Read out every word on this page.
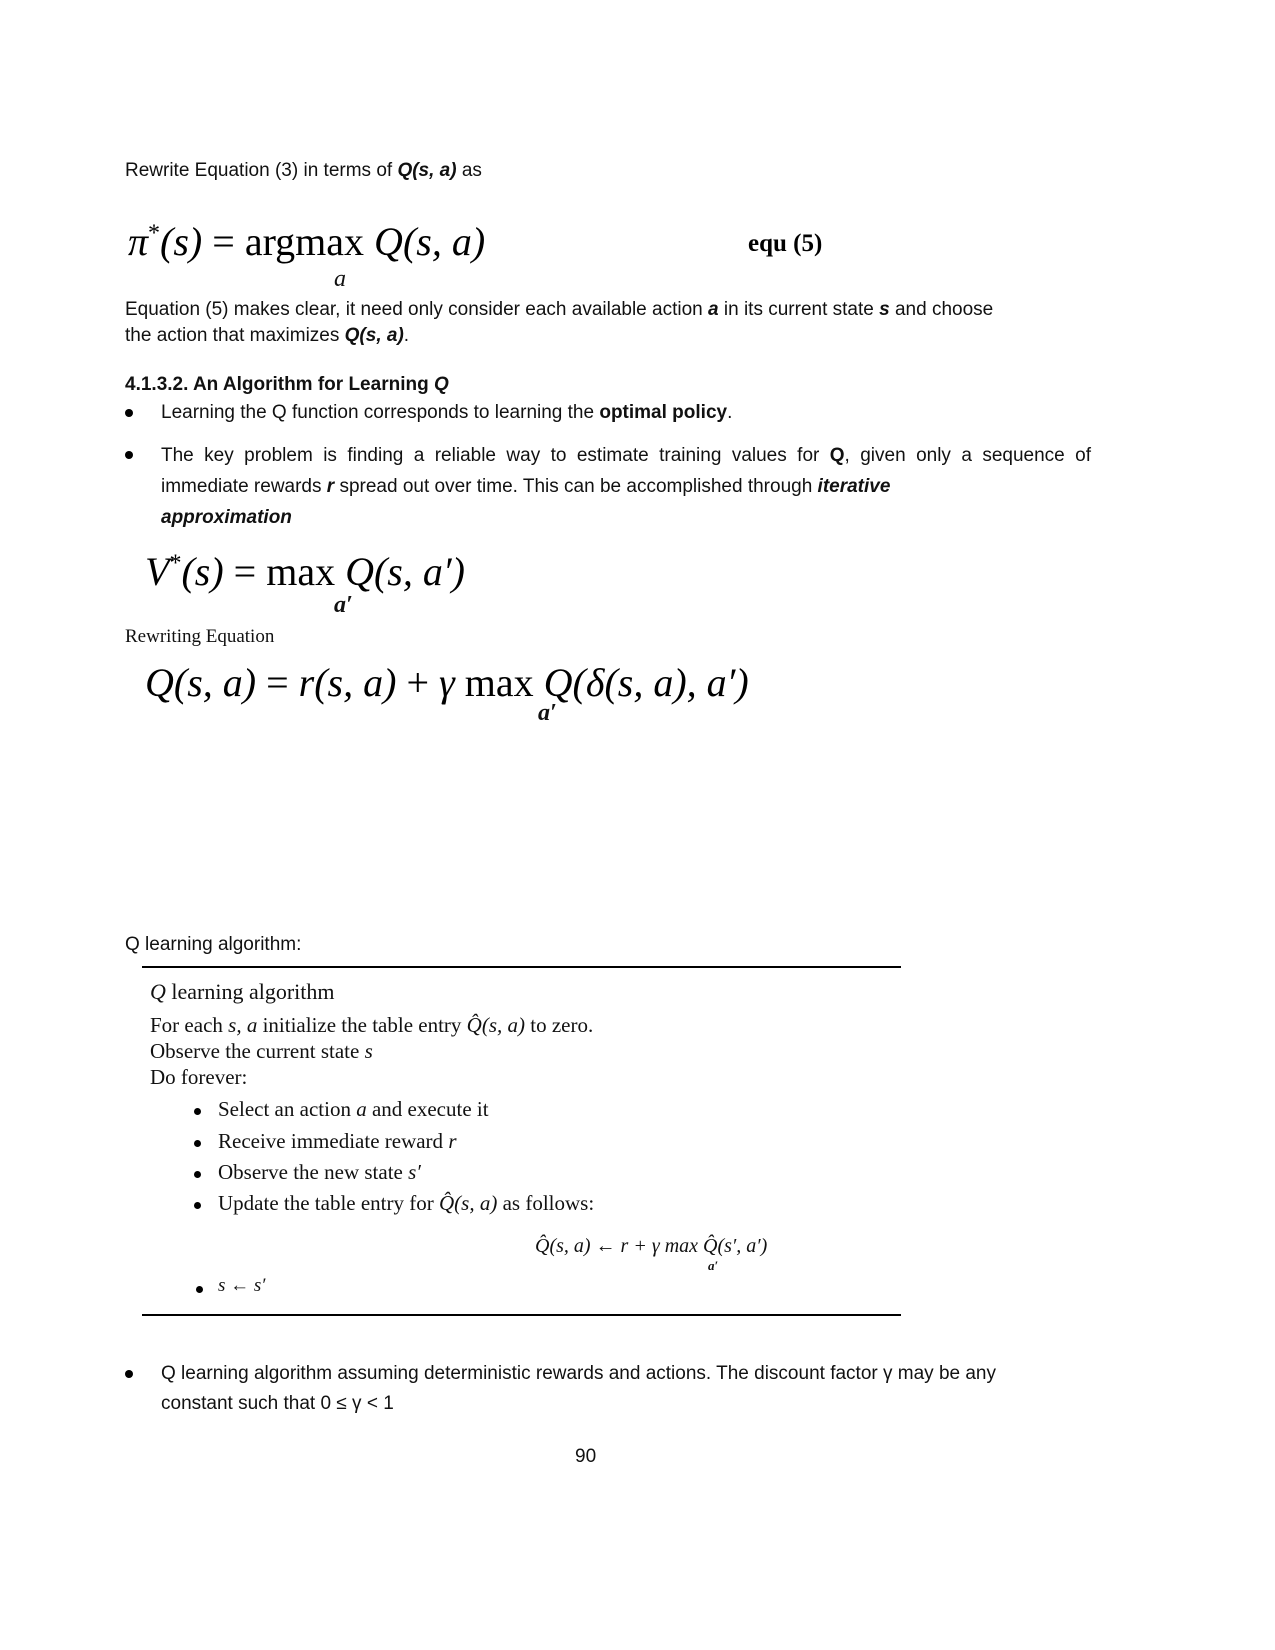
Rewrite Equation (3) in terms of Q(s, a) as
π*(s) = argmax Q(s, a)
a
equ (5)
Equation (5) makes clear, it need only consider each available action a in its current state s and choose
the action that maximizes Q(s, a).
4.1.3.2. An Algorithm for Learning Q
Learning the Q function corresponds to learning the optimal policy.
The key problem is finding a reliable way to estimate training values for Q, given only a sequence of immediate rewards r spread out over time. This can be accomplished through iterative
approximation
V*(s) = max Q(s, a′)
a′
Rewriting Equation
Q(s, a) = r(s, a) + γ max Q(δ(s, a), a′)
a′
Q learning algorithm:
Q learning algorithm
For each s, a initialize the table entry Q̂(s, a) to zero.
Observe the current state s
Do forever:
Select an action a and execute it
Receive immediate reward r
Observe the new state s′
Update the table entry for Q̂(s, a) as follows:
Q̂(s, a) ← r + γ max Q̂(s′, a′)
a′
s ← s′
Q learning algorithm assuming deterministic rewards and actions. The discount factor γ may be any
constant such that 0 ≤ γ < 1
90
